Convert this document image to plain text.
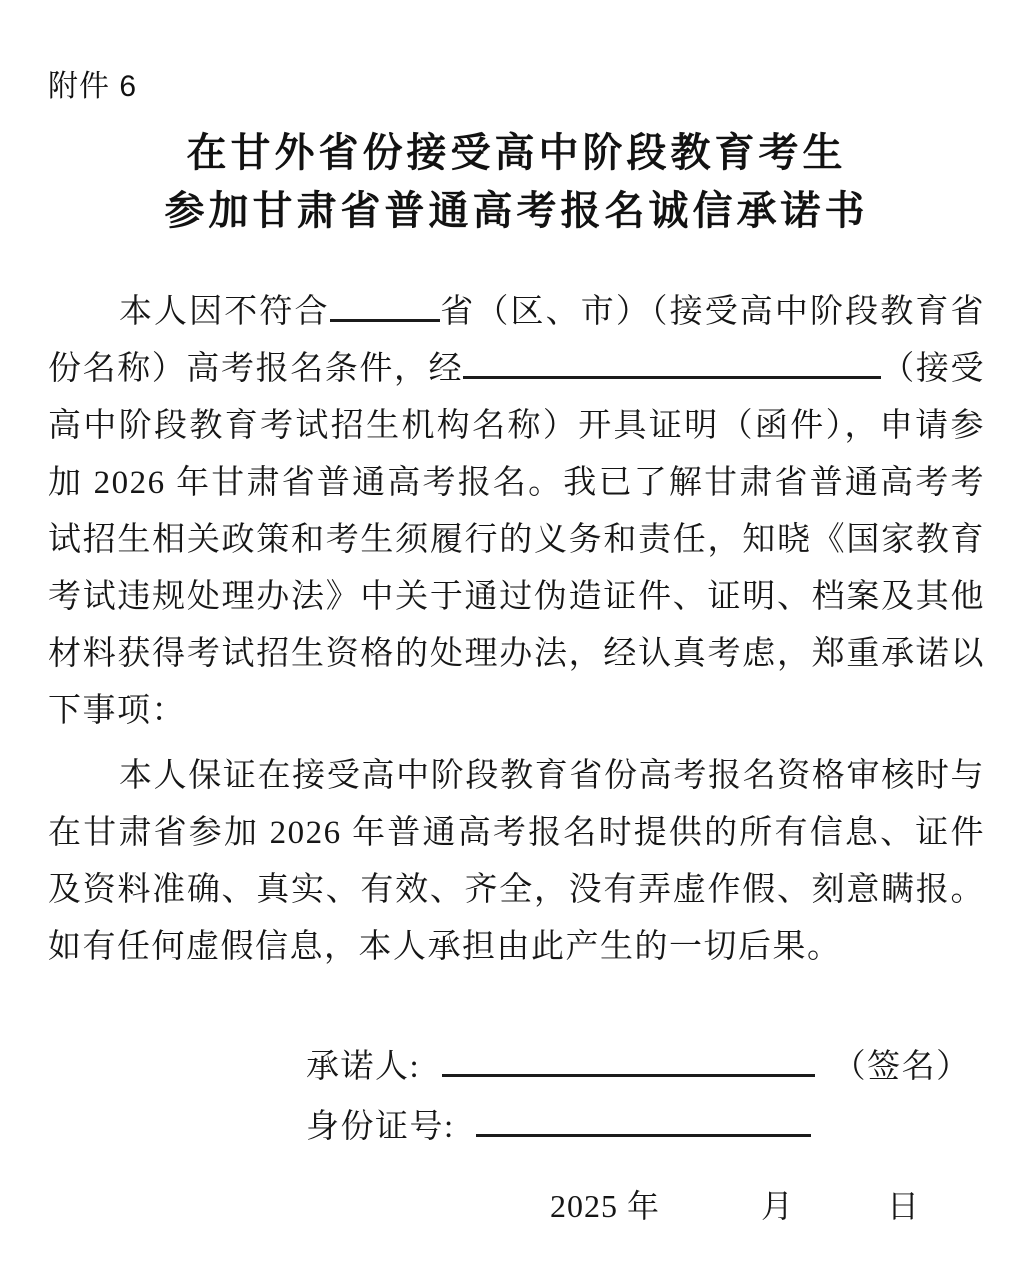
附件 6
在甘外省份接受高中阶段教育考生
参加甘肃省普通高考报名诚信承诺书

本人因不符合	省（区、市）（接受高中阶段教育省份名称）高考报名条件，经	（接受高中阶段教育考试招生机构名称）开具证明（函件），申请参加 2026 年甘肃省普通高考报名。我已了解甘肃省普通高考考试招生相关政策和考生须履行的义务和责任，知晓《国家教育考试违规处理办法》中关于通过伪造证件、证明、档案及其他材料获得考试招生资格的处理办法，经认真考虑，郑重承诺以下事项：

本人保证在接受高中阶段教育省份高考报名资格审核时与在甘肃省参加 2026 年普通高考报名时提供的所有信息、证件及资料准确、真实、有效、齐全，没有弄虚作假、刻意瞒报。如有任何虚假信息，本人承担由此产生的一切后果。

承诺人:	（签名）
身份证号:
2025 年	月	日
